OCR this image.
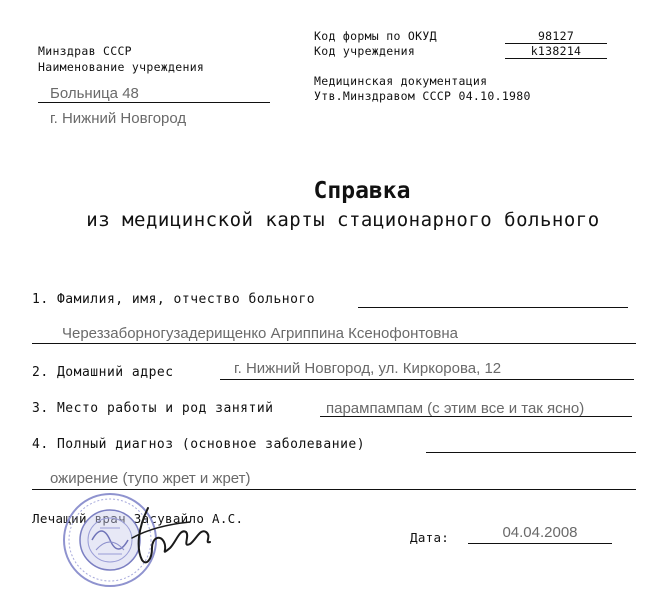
Минздрав СССР
Наименование учреждения
Больница 48
г. Нижний Новгород
Код формы по ОКУД	98127
Код учреждения	k138214
Медицинская документация
Утв.Минздравом СССР 04.10.1980
Справка
из медицинской карты стационарного больного
1. Фамилия, имя, отчество больного
Череззаборногузадерищенко Агриппина Ксенофонтовна
2. Домашний адрес	г. Нижний Новгород, ул. Киркорова, 12
3. Место работы и род занятий	парампампам (с этим все и так ясно)
4. Полный диагноз (основное заболевание)
ожирение (тупо жрет и жрет)
Лечащий врач Засувайло А.С.
Дата:	04.04.2008
